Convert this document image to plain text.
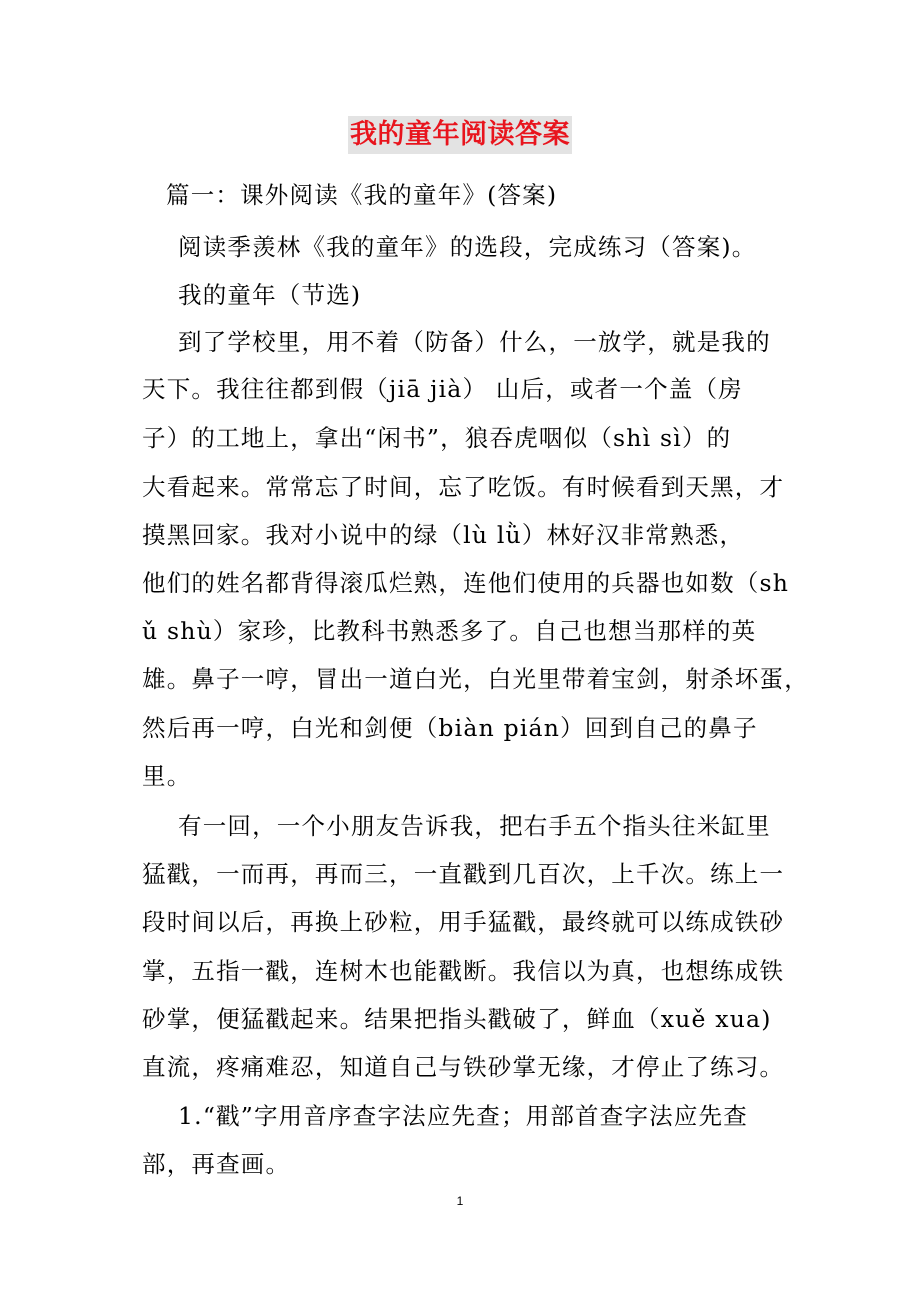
我的童年阅读答案
篇一：课外阅读《我的童年》(答案)
阅读季羡林《我的童年》的选段，完成练习（答案)。
我的童年（节选)
到了学校里，用不着（防备）什么，一放学，就是我的
天下。我往往都到假（jiā jià） 山后，或者一个盖（房
子）的工地上，拿出“闲书”，狼吞虎咽似（shì sì）的
大看起来。常常忘了时间，忘了吃饭。有时候看到天黑，才
摸黑回家。我对小说中的绿（lù lǜ）林好汉非常熟悉，
他们的姓名都背得滚瓜烂熟，连他们使用的兵器也如数（sh
ǔ shù）家珍，比教科书熟悉多了。自己也想当那样的英
雄。鼻子一哼，冒出一道白光，白光里带着宝剑，射杀坏蛋，
然后再一哼，白光和剑便（biàn pián）回到自己的鼻子
里。
有一回，一个小朋友告诉我，把右手五个指头往米缸里
猛戳，一而再，再而三，一直戳到几百次，上千次。练上一
段时间以后，再换上砂粒，用手猛戳，最终就可以练成铁砂
掌，五指一戳，连树木也能戳断。我信以为真，也想练成铁
砂掌，便猛戳起来。结果把指头戳破了，鲜血（xuě xua)
直流，疼痛难忍，知道自己与铁砂掌无缘，才停止了练习。
1.“戳”字用音序查字法应先查；用部首查字法应先查
部，再查画。
1
